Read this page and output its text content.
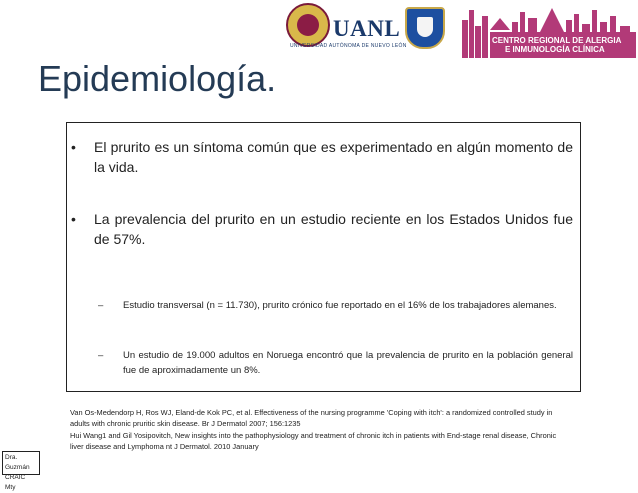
UANL
UNIVERSIDAD AUTÓNOMA DE NUEVO LEÓN
CENTRO REGIONAL DE ALERGIA
E INMUNOLOGÍA CLÍNICA
Epidemiología.
• El prurito es un síntoma común que es experimentado en algún momento de la vida.
• La prevalencia del prurito en un estudio reciente en los Estados Unidos fue de 57%.
– Estudio transversal (n = 11.730), prurito crónico fue reportado en el 16% de los trabajadores alemanes.
– Un estudio de 19.000 adultos en Noruega encontró que la prevalencia de prurito en la población general fue de aproximadamente un 8%.
Van Os-Medendorp H, Ros WJ, Eland-de Kok PC, et al. Effectiveness of the nursing programme 'Coping with itch': a randomized controlled study in
adults with chronic pruritic skin disease. Br J Dermatol 2007; 156:1235
Hui Wang1 and Gil Yosipovitch, New insights into the pathophysiology and treatment of chronic itch in patients with End-stage renal disease, Chronic
liver disease and Lymphoma nt J Dermatol. 2010 January
Dra. Guzmán
CRAIC Mty
